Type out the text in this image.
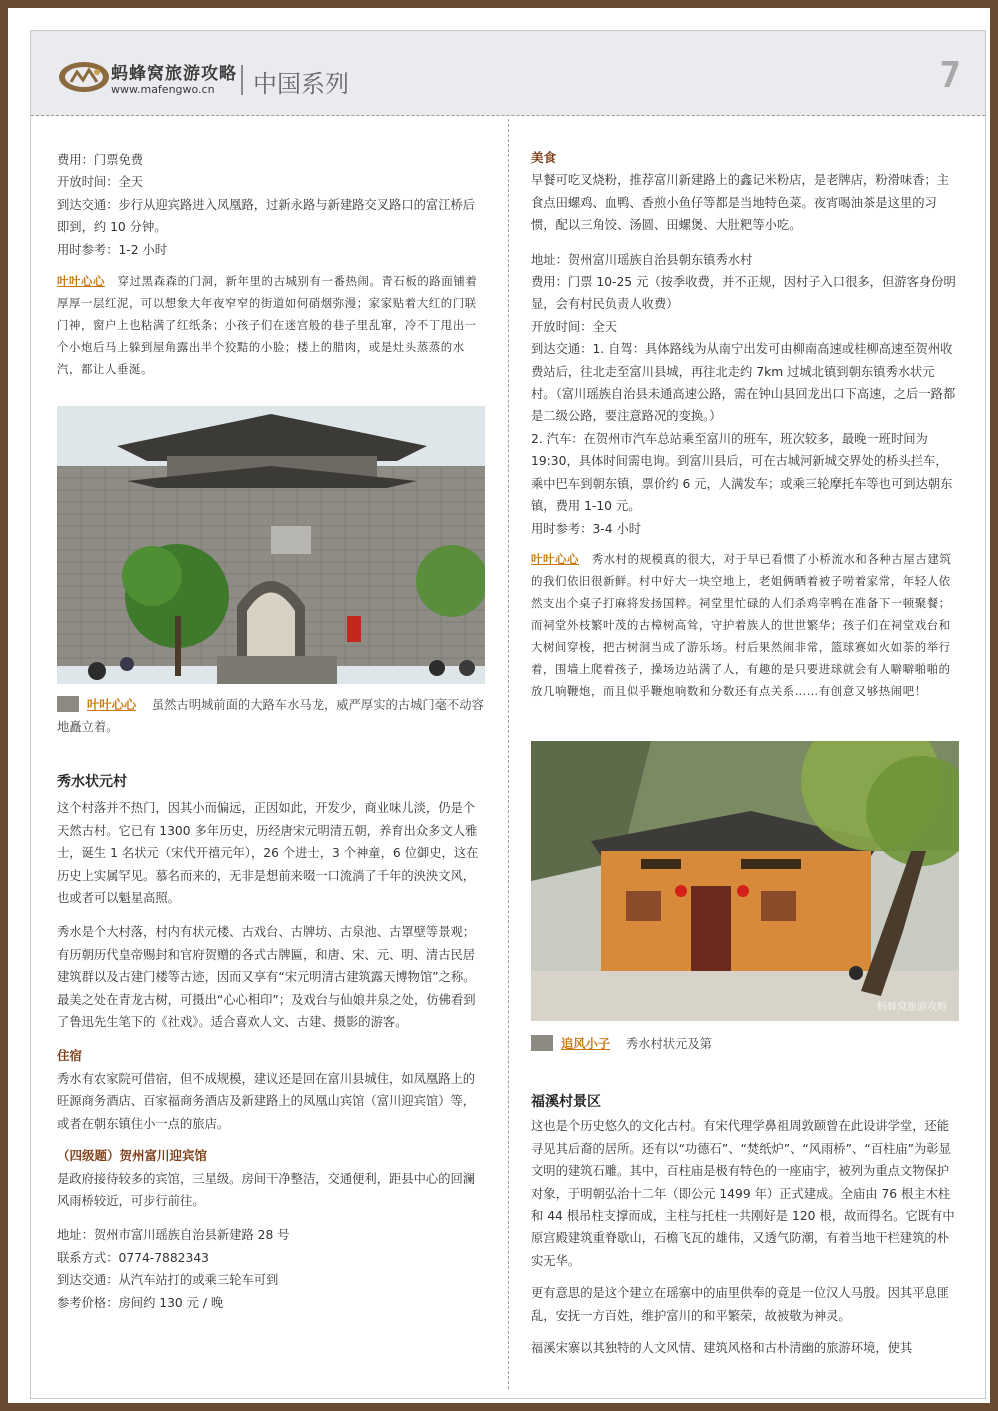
蚂蜂窝旅游攻略
www.mafengwo.cn 中国系列	7

费用：门票免费

开放时间：全天

到达交通：步行从迎宾路进入凤凰路，过新永路与新建路交叉路口的富江桥后即到，约 10 分钟。

用时参考：1-2 小时

叶叶心心 穿过黑森森的门洞，新年里的古城别有一番热闹。青石板的路面铺着厚厚一层红泥，可以想象大年夜窄窄的街道如何硝烟弥漫；家家贴着大红的门联门神，窗户上也粘满了红纸条；小孩子们在迷宫般的巷子里乱窜，冷不丁甩出一个小炮后马上躲到屋角露出半个狡黠的小脸；楼上的腊肉，或是灶头蒸蒸的水汽，都让人垂涎。
叶叶心心 虽然古明城前面的大路车水马龙，威严厚实的古城门毫不动容地矗立着。

秀水状元村

这个村落并不热门，因其小而偏远，正因如此，开发少，商业味儿淡，仍是个天然古村。它已有 1300 多年历史，历经唐宋元明清五朝，养育出众多文人雅士，诞生 1 名状元（宋代开禧元年），26 个进士，3 个神童，6 位御史，这在历史上实属罕见。慕名而来的，无非是想前来啜一口流淌了千年的泱泱文风，也或者可以魁星高照。

秀水是个大村落，村内有状元楼、古戏台、古牌坊、古泉池、古罩壁等景观；有历朝历代皇帝赐封和官府贺赠的各式古牌匾，和唐、宋、元、明、清古民居建筑群以及古建门楼等古迹，因而又享有“宋元明清古建筑露天博物馆”之称。最美之处在青龙古树，可摄出“心心相印”；及戏台与仙娘井泉之处，仿佛看到了鲁迅先生笔下的《社戏》。适合喜欢人文、古建、摄影的游客。

住宿

秀水有农家院可借宿，但不成规模，建议还是回在富川县城住，如凤凰路上的旺源商务酒店、百家福商务酒店及新建路上的凤凰山宾馆（富川迎宾馆）等，或者在朝东镇住小一点的旅店。

（四级题）贺州富川迎宾馆

是政府接待较多的宾馆，三星级。房间干净整洁，交通便利，距县中心的回澜风雨桥较近，可步行前往。

地址：贺州市富川瑶族自治县新建路 28 号

联系方式：0774-7882343

到达交通：从汽车站打的或乘三轮车可到

参考价格：房间约 130 元 / 晚

美食

早餐可吃叉烧粉，推荐富川新建路上的鑫记米粉店，是老牌店，粉滑味香；主食点田螺鸡、血鸭、香煎小鱼仔等都是当地特色菜。夜宵喝油茶是这里的习惯，配以三角饺、汤圆、田螺煲、大肚粑等小吃。

地址：贺州富川瑶族自治县朝东镇秀水村

费用：门票 10-25 元（按季收费，并不正规，因村子入口很多，但游客身份明显，会有村民负责人收费）

开放时间：全天

到达交通：1. 自驾：具体路线为从南宁出发可由柳南高速或桂柳高速至贺州收费站后，往北走至富川县城，再往北走约 7km 过城北镇到朝东镇秀水状元村。（富川瑶族自治县未通高速公路，需在钟山县回龙出口下高速，之后一路都是二级公路，要注意路况的变换。）

2. 汽车：在贺州市汽车总站乘至富川的班车，班次较多，最晚一班时间为 19:30，具体时间需电询。到富川县后，可在古城河新城交界处的桥头拦车，乘中巴车到朝东镇，票价约 6 元，人满发车；或乘三轮摩托车等也可到达朝东镇，费用 1-10 元。

用时参考：3-4 小时

叶叶心心 秀水村的规模真的很大，对于早已看惯了小桥流水和各种古屋古建筑的我们依旧很新鲜。村中好大一块空地上，老姐俩晒着被子唠着家常，年轻人依然支出个桌子打麻将发扬国粹。祠堂里忙碌的人们杀鸡宰鸭在准备下一顿聚餐；而祠堂外枝繁叶茂的古樟树高耸，守护着族人的世世繁华；孩子们在祠堂戏台和大树间穿梭，把古树洞当成了游乐场。村后果然闹非常，篮球赛如火如荼的举行着，围墙上爬着孩子，操场边站满了人，有趣的是只要进球就会有人噼噼啪啪的放几响鞭炮，而且似乎鞭炮响数和分数还有点关系……有创意又够热闹吧！
蚂蜂窝旅游攻略
追风小子 秀水村状元及第

福溪村景区

这也是个历史悠久的文化古村。有宋代理学鼻祖周敦颐曾在此设讲学堂，还能寻见其后裔的居所。还有以“功德石”、“焚纸炉”、“风雨桥”、“百柱庙”为彰显文明的建筑石雕。其中，百柱庙是极有特色的一座庙宇，被列为重点文物保护对象，于明朝弘治十二年（即公元 1499 年）正式建成。全庙由 76 根主木柱和 44 根吊柱支撑而成，主柱与托柱一共刚好是 120 根，故而得名。它既有中原宫殿建筑重脊歇山，石檐飞瓦的雄伟，又透气防潮，有着当地干栏建筑的朴实无华。

更有意思的是这个建立在瑶寨中的庙里供奉的竟是一位汉人马殷。因其平息匪乱，安抚一方百姓，维护富川的和平繁荣，故被敬为神灵。

福溪宋寨以其独特的人文风情、建筑风格和古朴清幽的旅游环境，使其
